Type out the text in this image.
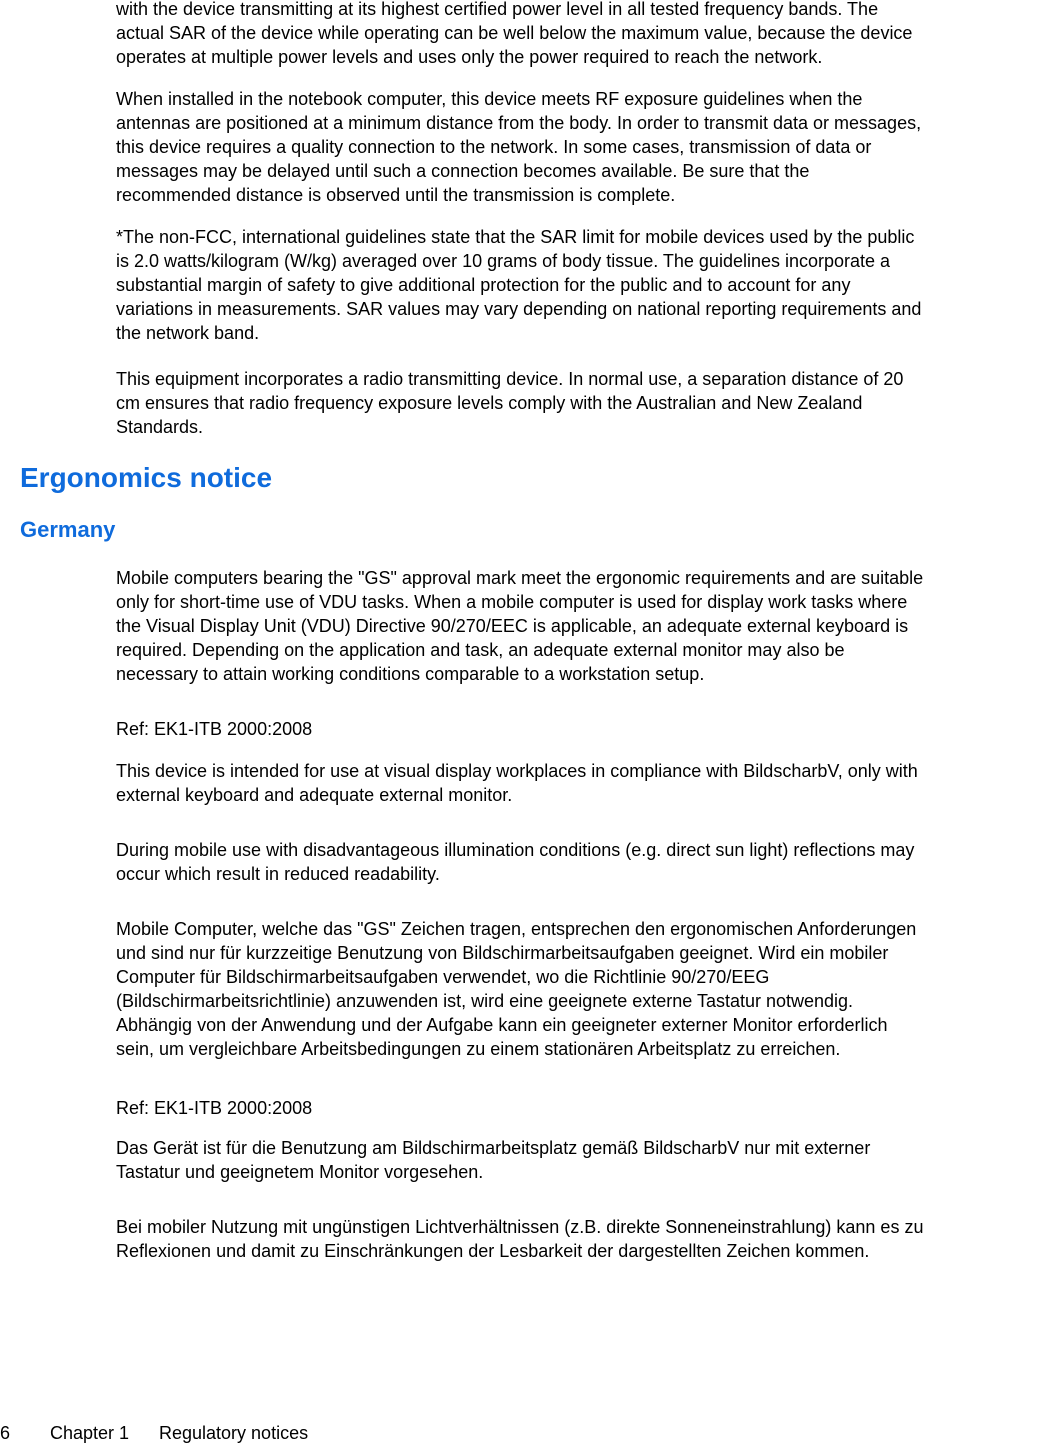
with the device transmitting at its highest certified power level in all tested frequency bands. The
actual SAR of the device while operating can be well below the maximum value, because the device
operates at multiple power levels and uses only the power required to reach the network.

When installed in the notebook computer, this device meets RF exposure guidelines when the
antennas are positioned at a minimum distance from the body. In order to transmit data or messages,
this device requires a quality connection to the network. In some cases, transmission of data or
messages may be delayed until such a connection becomes available. Be sure that the
recommended distance is observed until the transmission is complete.

*The non-FCC, international guidelines state that the SAR limit for mobile devices used by the public
is 2.0 watts/kilogram (W/kg) averaged over 10 grams of body tissue. The guidelines incorporate a
substantial margin of safety to give additional protection for the public and to account for any
variations in measurements. SAR values may vary depending on national reporting requirements and
the network band.

This equipment incorporates a radio transmitting device. In normal use, a separation distance of 20
cm ensures that radio frequency exposure levels comply with the Australian and New Zealand
Standards.

Ergonomics notice
Germany

Mobile computers bearing the "GS" approval mark meet the ergonomic requirements and are suitable
only for short-time use of VDU tasks. When a mobile computer is used for display work tasks where
the Visual Display Unit (VDU) Directive 90/270/EEC is applicable, an adequate external keyboard is
required. Depending on the application and task, an adequate external monitor may also be
necessary to attain working conditions comparable to a workstation setup.

Ref: EK1-ITB 2000:2008

This device is intended for use at visual display workplaces in compliance with BildscharbV, only with
external keyboard and adequate external monitor.

During mobile use with disadvantageous illumination conditions (e.g. direct sun light) reflections may
occur which result in reduced readability.

Mobile Computer, welche das "GS" Zeichen tragen, entsprechen den ergonomischen Anforderungen
und sind nur für kurzzeitige Benutzung von Bildschirmarbeitsaufgaben geeignet. Wird ein mobiler
Computer für Bildschirmarbeitsaufgaben verwendet, wo die Richtlinie 90/270/EEG
(Bildschirmarbeitsrichtlinie) anzuwenden ist, wird eine geeignete externe Tastatur notwendig.
Abhängig von der Anwendung und der Aufgabe kann ein geeigneter externer Monitor erforderlich
sein, um vergleichbare Arbeitsbedingungen zu einem stationären Arbeitsplatz zu erreichen.

Ref: EK1-ITB 2000:2008

Das Gerät ist für die Benutzung am Bildschirmarbeitsplatz gemäß BildscharbV nur mit externer
Tastatur und geeignetem Monitor vorgesehen.

Bei mobiler Nutzung mit ungünstigen Lichtverhältnissen (z.B. direkte Sonneneinstrahlung) kann es zu
Reflexionen und damit zu Einschränkungen der Lesbarkeit der dargestellten Zeichen kommen.

6 Chapter 1 Regulatory notices
